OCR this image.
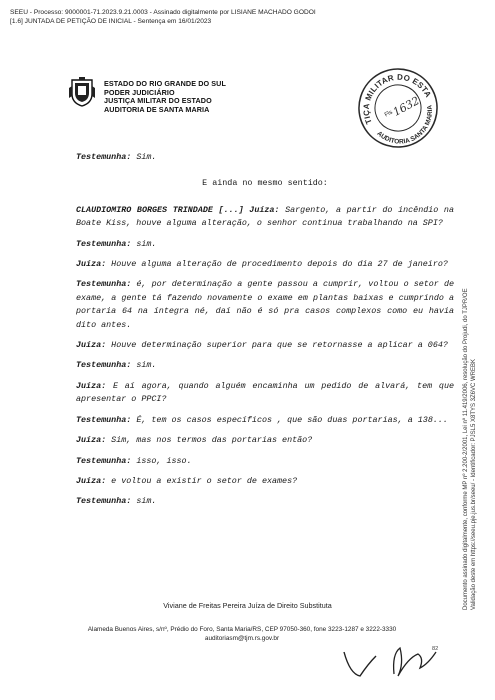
SEEU - Processo: 9000001-71.2023.9.21.0003 - Assinado digitalmente por LISIANE MACHADO GODOI
[1.6] JUNTADA DE PETIÇÃO DE INICIAL - Sentença em 16/01/2023
Documento assinado digitalmente, conforme MP nº 2.200-2/2001, Lei nº 11.419/2006, resolução do Projudi, do TJPR/OE Validação deste em https://seeu.pje.jus.br/seeu/ - Identificador: PJSL5 X8TYS 3Z6VC WREBK
ESTADO DO RIO GRANDE DO SUL
PODER JUDICIÁRIO
JUSTIÇA MILITAR DO ESTADO
AUDITORIA DE SANTA MARIA
JUSTIÇA MILITAR DO ESTADO
AUDITORIA SANTA MARIA
Fls
1632

Testemunha: Sim.

E ainda no mesmo sentido:

CLAUDIOMIRO BORGES TRINDADE [...] Juíza: Sargento, a partir do incêndio na Boate Kiss, houve alguma alteração, o senhor continua trabalhando na SPI?

Testemunha: sim.

Juíza: Houve alguma alteração de procedimento depois do dia 27 de janeiro?

Testemunha: é, por determinação a gente passou a cumprir, voltou o setor de exame, a gente tá fazendo novamente o exame em plantas baixas e cumprindo a portaria 64 na íntegra né, daí não é só pra casos complexos como eu havia dito antes.

Juíza: Houve determinação superior para que se retornasse a aplicar a 064?

Testemunha: sim.

Juíza: E aí agora, quando alguém encaminha um pedido de alvará, tem que apresentar o PPCI?

Testemunha: É, tem os casos específicos , que são duas portarias, a 138...

Juíza: Sim, mas nos termos das portarias então?

Testemunha: isso, isso.

Juíza: e voltou a existir o setor de exames?

Testemunha: sim.

Viviane de Freitas Pereira Juíza de Direito Substituta
Alameda Buenos Aires, s/nº, Prédio do Foro, Santa Maria/RS, CEP 97050-360, fone 3223-1287 e 3222-3330
auditoriasm@tjm.rs.gov.br
82
